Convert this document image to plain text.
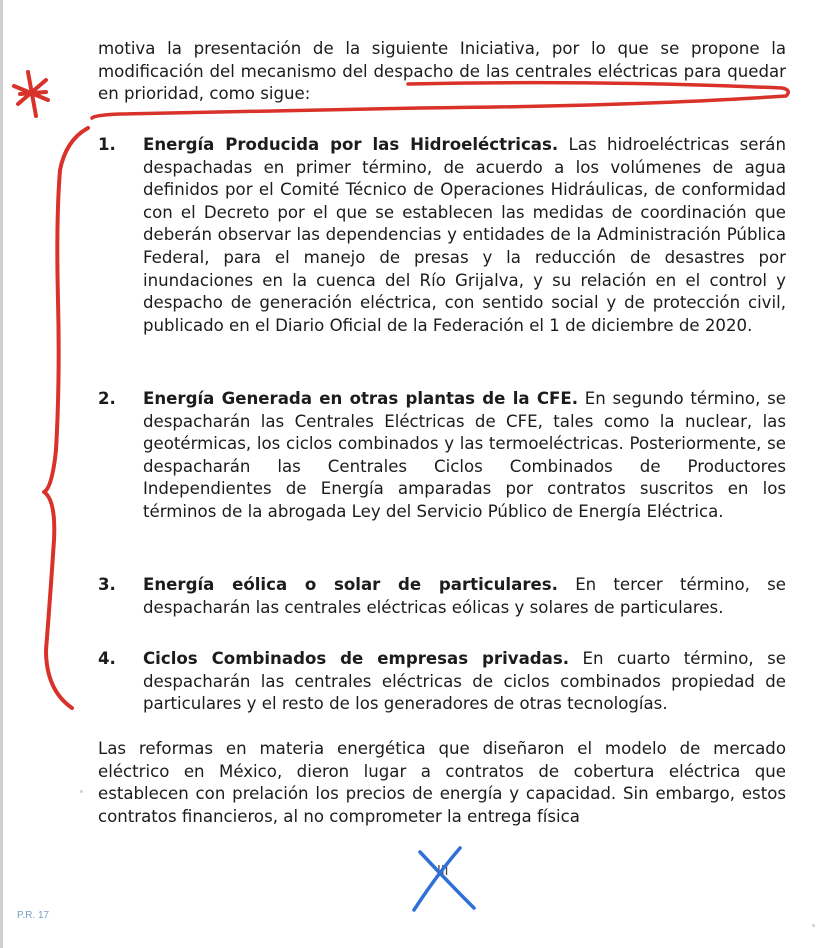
motiva la presentación de la siguiente Iniciativa, por lo que se propone la modificación del mecanismo del despacho de las centrales eléctricas para quedar en prioridad, como sigue:
1. Energía Producida por las Hidroeléctricas. Las hidroeléctricas serán despachadas en primer término, de acuerdo a los volúmenes de agua definidos por el Comité Técnico de Operaciones Hidráulicas, de conformidad con el Decreto por el que se establecen las medidas de coordinación que deberán observar las dependencias y entidades de la Administración Pública Federal, para el manejo de presas y la reducción de desastres por inundaciones en la cuenca del Río Grijalva, y su relación en el control y despacho de generación eléctrica, con sentido social y de protección civil, publicado en el Diario Oficial de la Federación el 1 de diciembre de 2020.
2. Energía Generada en otras plantas de la CFE. En segundo término, se despacharán las Centrales Eléctricas de CFE, tales como la nuclear, las geotérmicas, los ciclos combinados y las termoeléctricas. Posteriormente, se despacharán las Centrales Ciclos Combinados de Productores Independientes de Energía amparadas por contratos suscritos en los términos de la abrogada Ley del Servicio Público de Energía Eléctrica.
3. Energía eólica o solar de particulares. En tercer término, se despacharán las centrales eléctricas eólicas y solares de particulares.
4. Ciclos Combinados de empresas privadas. En cuarto término, se despacharán las centrales eléctricas de ciclos combinados propiedad de particulares y el resto de los generadores de otras tecnologías.
Las reformas en materia energética que diseñaron el modelo de mercado eléctrico en México, dieron lugar a contratos de cobertura eléctrica que establecen con prelación los precios de energía y capacidad. Sin embargo, estos contratos financieros, al no comprometer la entrega física
III
P.R. 17
